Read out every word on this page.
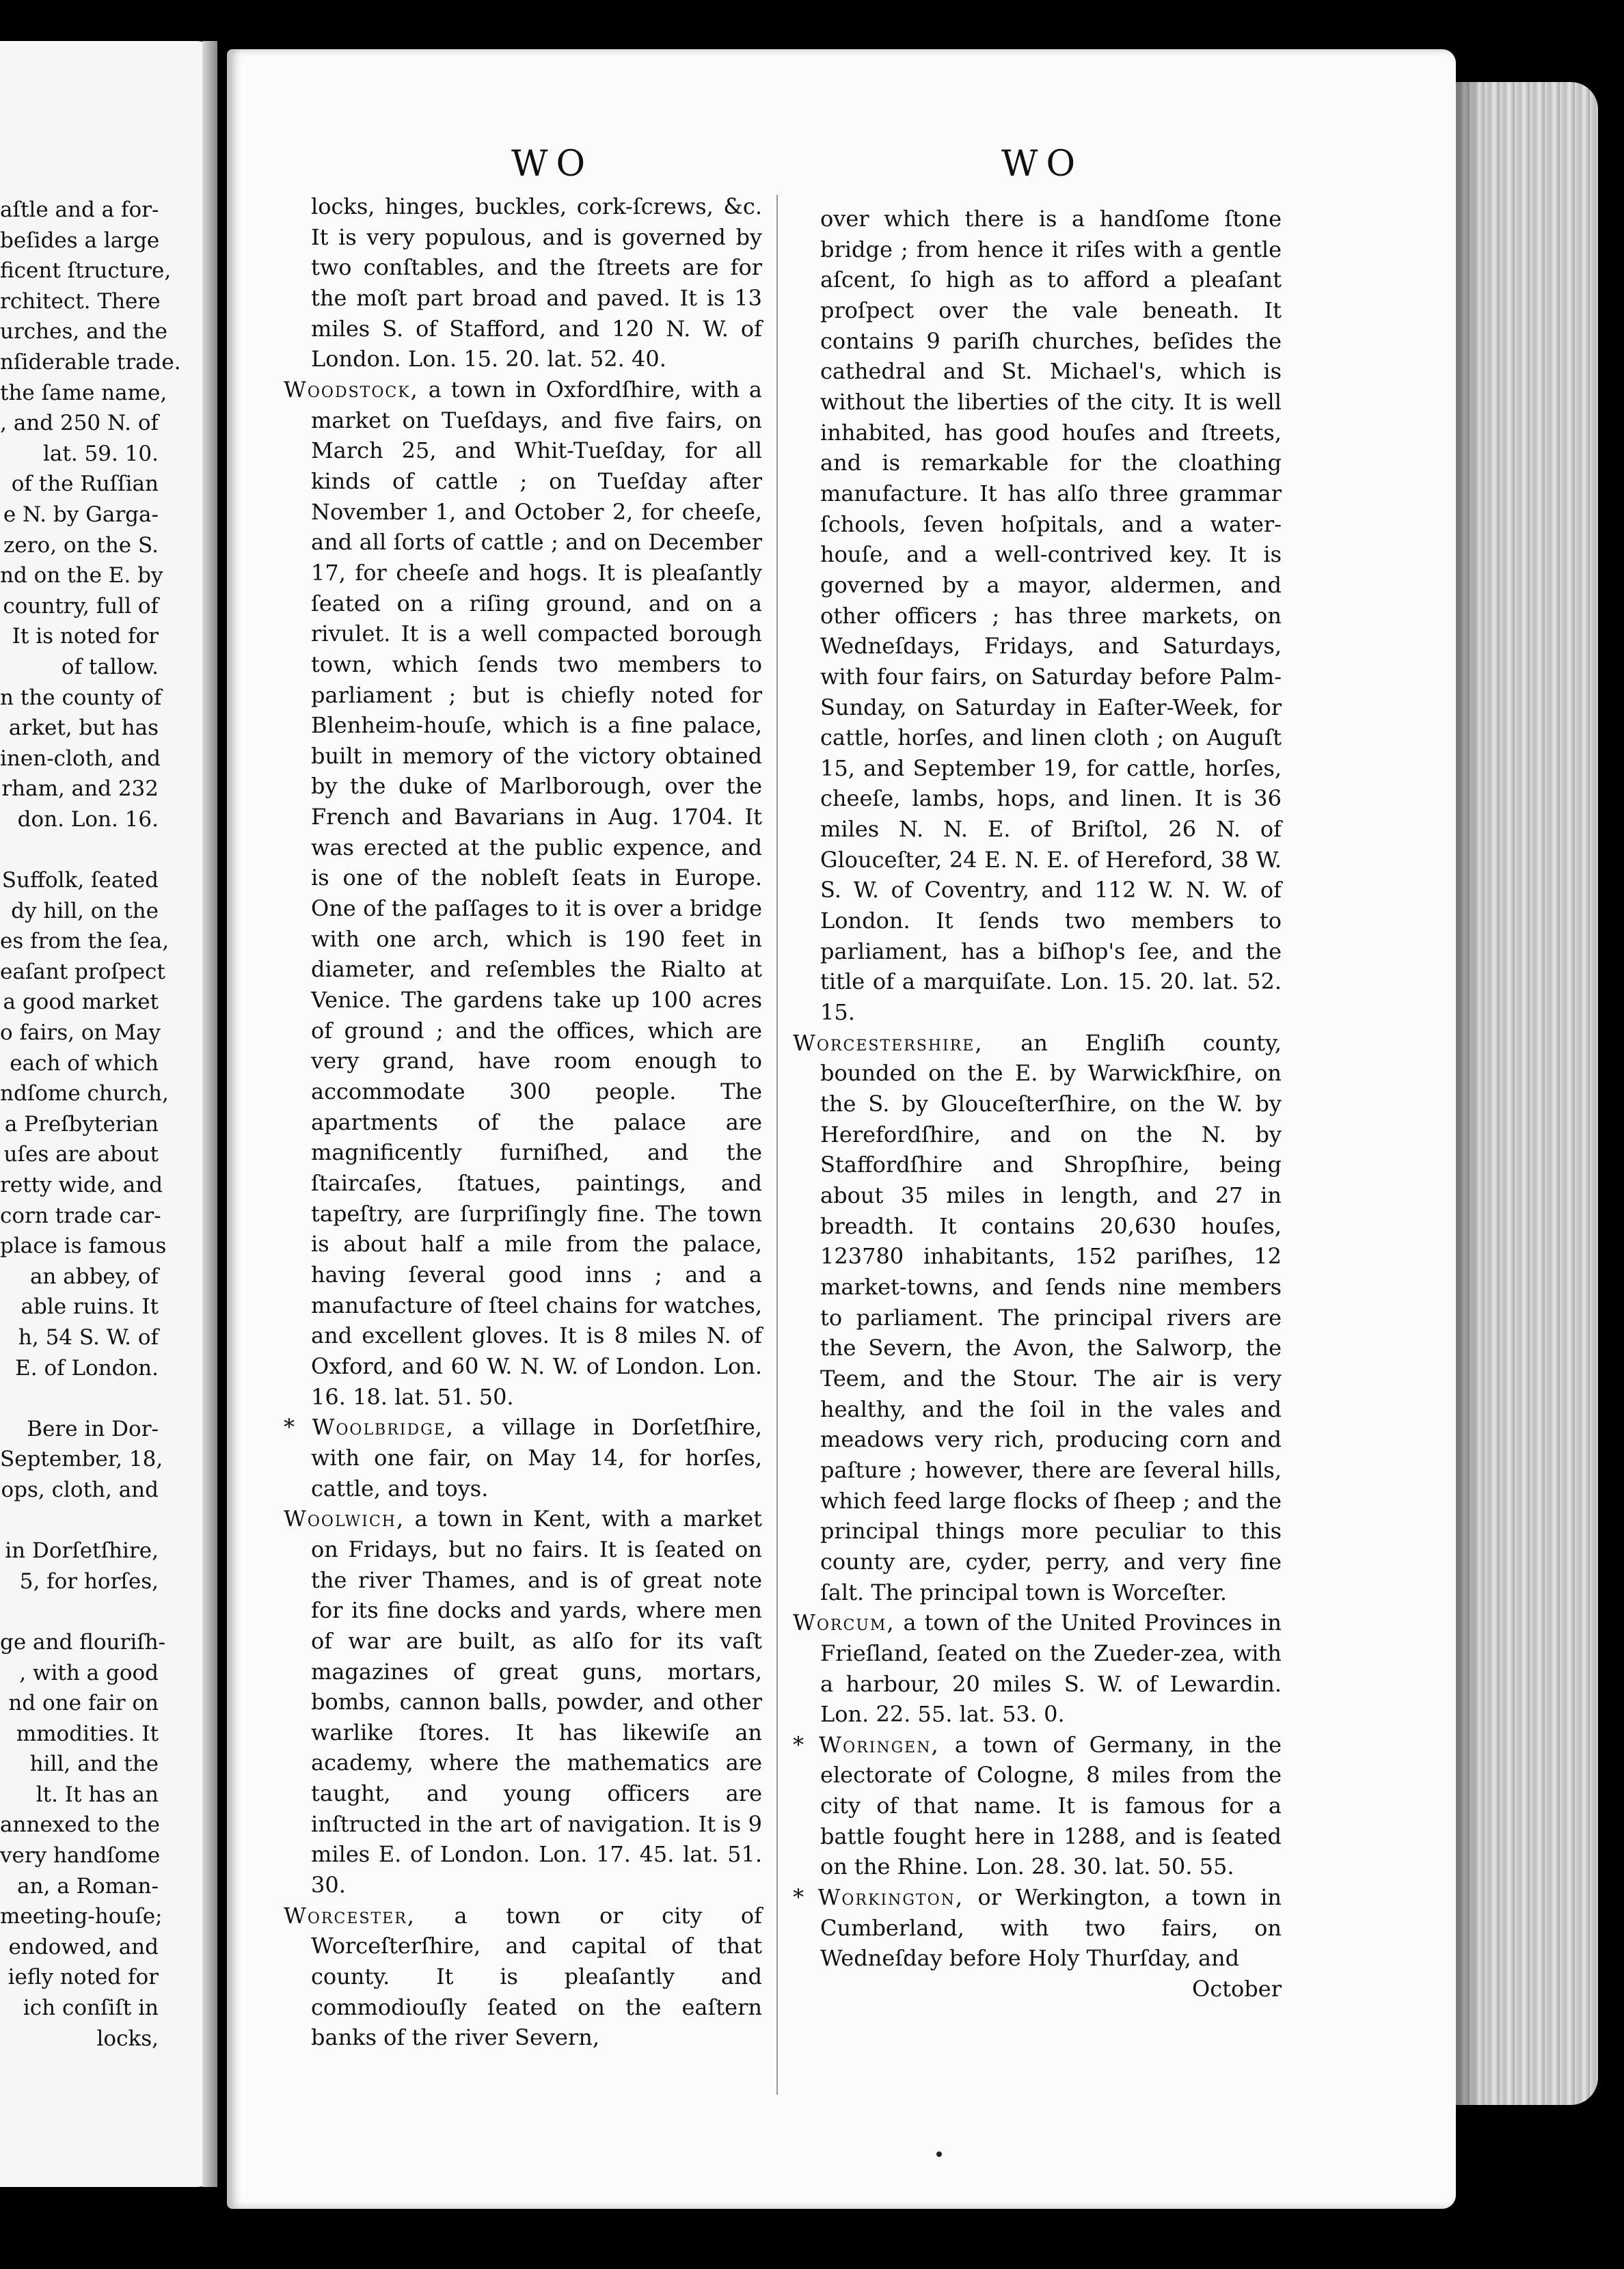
aſtle and a for-
beſides a large
ficent ſtructure,
rchitect. There
urches, and the
nſiderable trade.
the ſame name,
, and 250 N. of
lat. 59. 10.
of the Ruſſian
e N. by Garga-
zero, on the S.
nd on the E. by
country, full of
It is noted for
of tallow.
n the county of
arket, but has
inen-cloth, and
rham, and 232
don. Lon. 16.
Suffolk, ſeated
dy hill, on the
es from the ſea,
eaſant proſpect
a good market
o fairs, on May
each of which
ndſome church,
a Preſbyterian
uſes are about
retty wide, and
corn trade car-
place is famous
an abbey, of
able ruins. It
h, 54 S. W. of
E. of London.
Bere in Dor-
September, 18,
ops, cloth, and
in Dorſetſhire,
5, for horſes,
ge and flouriſh-
, with a good
nd one fair on
mmodities. It
hill, and the
lt. It has an
annexed to the
very handſome
an, a Roman-
meeting-houſe;
endowed, and
iefly noted for
ich conſiſt in
locks,
WO	WO

locks, hinges, buckles, cork-ſcrews, &c. It is very populous, and is governed by two conſtables, and the ſtreets are for the moſt part broad and paved. It is 13 miles S. of Stafford, and 120 N. W. of London. Lon. 15. 20. lat. 52. 40.

Woodstock, a town in Oxfordſhire, with a market on Tueſdays, and five fairs, on March 25, and Whit-Tueſday, for all kinds of cattle ; on Tueſday after November 1, and October 2, for cheeſe, and all ſorts of cattle ; and on December 17, for cheeſe and hogs. It is pleaſantly ſeated on a riſing ground, and on a rivulet. It is a well compacted borough town, which ſends two members to parliament ; but is chiefly noted for Blenheim-houſe, which is a fine palace, built in memory of the victory obtained by the duke of Marlborough, over the French and Bavarians in Aug. 1704. It was erected at the public expence, and is one of the nobleſt ſeats in Europe. One of the paſſages to it is over a bridge with one arch, which is 190 feet in diameter, and reſembles the Rialto at Venice. The gardens take up 100 acres of ground ; and the offices, which are very grand, have room enough to accommodate 300 people. The apartments of the palace are magnificently furniſhed, and the ſtaircaſes, ſtatues, paintings, and tapeſtry, are ſurpriſingly fine. The town is about half a mile from the palace, having ſeveral good inns ; and a manufacture of ſteel chains for watches, and excellent gloves. It is 8 miles N. of Oxford, and 60 W. N. W. of London. Lon. 16. 18. lat. 51. 50.

* Woolbridge, a village in Dorſetſhire, with one fair, on May 14, for horſes, cattle, and toys.

Woolwich, a town in Kent, with a market on Fridays, but no fairs. It is ſeated on the river Thames, and is of great note for its fine docks and yards, where men of war are built, as alſo for its vaſt magazines of great guns, mortars, bombs, cannon balls, powder, and other warlike ſtores. It has likewiſe an academy, where the mathematics are taught, and young officers are inſtructed in the art of navigation. It is 9 miles E. of London. Lon. 17. 45. lat. 51. 30.

Worcester, a town or city of Worceſterſhire, and capital of that county. It is pleaſantly and commodiouſly ſeated on the eaſtern banks of the river Severn,

over which there is a handſome ſtone bridge ; from hence it riſes with a gentle aſcent, ſo high as to afford a pleaſant proſpect over the vale beneath. It contains 9 pariſh churches, beſides the cathedral and St. Michael's, which is without the liberties of the city. It is well inhabited, has good houſes and ſtreets, and is remarkable for the cloathing manufacture. It has alſo three grammar ſchools, ſeven hoſpitals, and a water-houſe, and a well-contrived key. It is governed by a mayor, aldermen, and other officers ; has three markets, on Wedneſdays, Fridays, and Saturdays, with four fairs, on Saturday before Palm-Sunday, on Saturday in Eaſter-Week, for cattle, horſes, and linen cloth ; on Auguſt 15, and September 19, for cattle, horſes, cheeſe, lambs, hops, and linen. It is 36 miles N. N. E. of Briſtol, 26 N. of Glouceſter, 24 E. N. E. of Hereford, 38 W. S. W. of Coventry, and 112 W. N. W. of London. It ſends two members to parliament, has a biſhop's ſee, and the title of a marquiſate. Lon. 15. 20. lat. 52. 15.

Worcestershire, an Engliſh county, bounded on the E. by Warwickſhire, on the S. by Glouceſterſhire, on the W. by Herefordſhire, and on the N. by Staffordſhire and Shropſhire, being about 35 miles in length, and 27 in breadth. It contains 20,630 houſes, 123780 inhabitants, 152 pariſhes, 12 market-towns, and ſends nine members to parliament. The principal rivers are the Severn, the Avon, the Salworp, the Teem, and the Stour. The air is very healthy, and the ſoil in the vales and meadows very rich, producing corn and paſture ; however, there are ſeveral hills, which feed large flocks of ſheep ; and the principal things more peculiar to this county are, cyder, perry, and very fine ſalt. The principal town is Worceſter.

Worcum, a town of the United Provinces in Frieſland, ſeated on the Zueder-zea, with a harbour, 20 miles S. W. of Lewardin. Lon. 22. 55. lat. 53. 0.

* Woringen, a town of Germany, in the electorate of Cologne, 8 miles from the city of that name. It is famous for a battle fought here in 1288, and is ſeated on the Rhine. Lon. 28. 30. lat. 50. 55.

* Workington, or Werkington, a town in Cumberland, with two fairs, on Wedneſday before Holy Thurſday, and

October
